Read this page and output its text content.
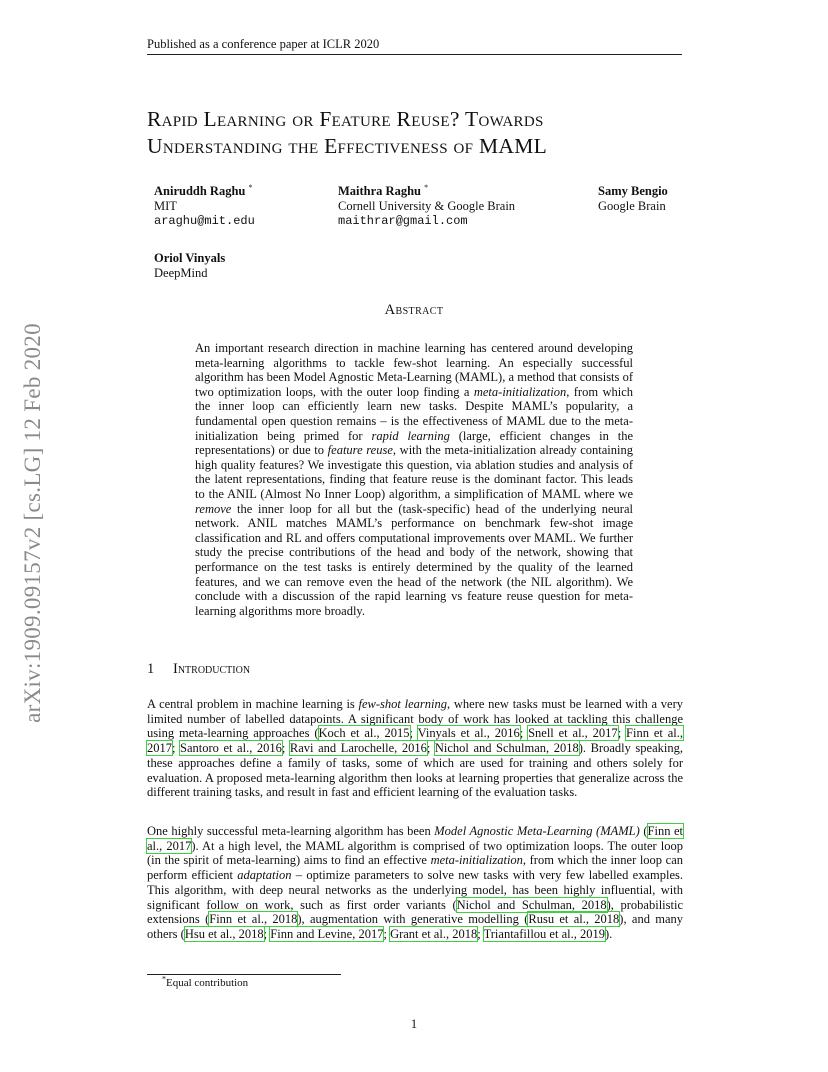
Published as a conference paper at ICLR 2020
Rapid Learning or Feature Reuse? Towards
Understanding the Effectiveness of MAML
Aniruddh Raghu *
MIT
araghu@mit.edu
Maithra Raghu *
Cornell University & Google Brain
maithrar@gmail.com
Samy Bengio
Google Brain
Oriol Vinyals
DeepMind
arXiv:1909.09157v2 [cs.LG] 12 Feb 2020
Abstract
An important research direction in machine learning has centered around developing meta-learning algorithms to tackle few-shot learning. An especially successful algorithm has been Model Agnostic Meta-Learning (MAML), a method that consists of two optimization loops, with the outer loop finding a meta-initialization, from which the inner loop can efficiently learn new tasks. Despite MAML’s popularity, a fundamental open question remains – is the effectiveness of MAML due to the meta-initialization being primed for rapid learning (large, efficient changes in the representations) or due to feature reuse, with the meta-initialization already containing high quality features? We investigate this question, via ablation studies and analysis of the latent representations, finding that feature reuse is the dominant factor. This leads to the ANIL (Almost No Inner Loop) algorithm, a simplification of MAML where we remove the inner loop for all but the (task-specific) head of the underlying neural network. ANIL matches MAML’s performance on benchmark few-shot image classification and RL and offers computational improvements over MAML. We further study the precise contributions of the head and body of the network, showing that performance on the test tasks is entirely determined by the quality of the learned features, and we can remove even the head of the network (the NIL algorithm). We conclude with a discussion of the rapid learning vs feature reuse question for meta-learning algorithms more broadly.
1 Introduction
A central problem in machine learning is few-shot learning, where new tasks must be learned with a very limited number of labelled datapoints. A significant body of work has looked at tackling this challenge using meta-learning approaches (Koch et al., 2015; Vinyals et al., 2016; Snell et al., 2017; Finn et al., 2017; Santoro et al., 2016; Ravi and Larochelle, 2016; Nichol and Schulman, 2018). Broadly speaking, these approaches define a family of tasks, some of which are used for training and others solely for evaluation. A proposed meta-learning algorithm then looks at learning properties that generalize across the different training tasks, and result in fast and efficient learning of the evaluation tasks.
One highly successful meta-learning algorithm has been Model Agnostic Meta-Learning (MAML) (Finn et al., 2017). At a high level, the MAML algorithm is comprised of two optimization loops. The outer loop (in the spirit of meta-learning) aims to find an effective meta-initialization, from which the inner loop can perform efficient adaptation – optimize parameters to solve new tasks with very few labelled examples. This algorithm, with deep neural networks as the underlying model, has been highly influential, with significant follow on work, such as first order variants (Nichol and Schulman, 2018), probabilistic extensions (Finn et al., 2018), augmentation with generative modelling (Rusu et al., 2018), and many others (Hsu et al., 2018; Finn and Levine, 2017; Grant et al., 2018; Triantafillou et al., 2019).
*Equal contribution
1
